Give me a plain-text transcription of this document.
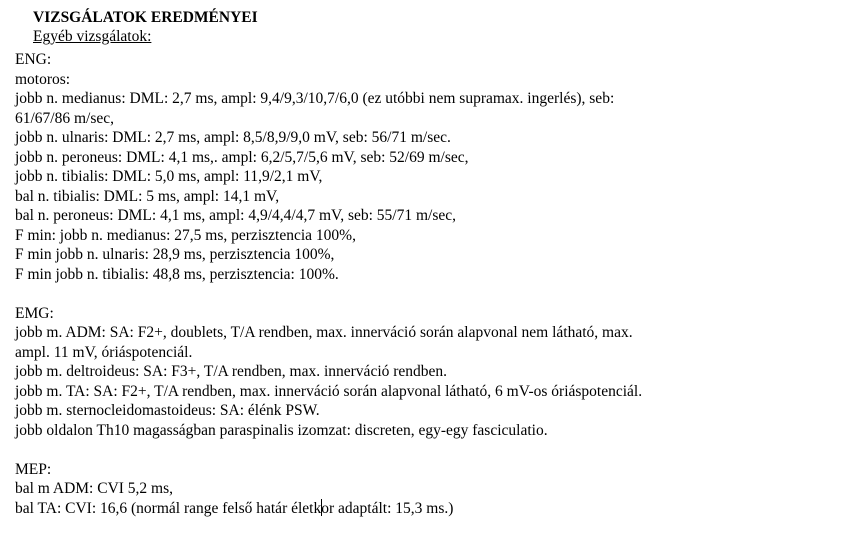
VIZSGÁLATOK EREDMÉNYEI
Egyéb vizsgálatok:
ENG:
motoros:
jobb n. medianus: DML: 2,7 ms, ampl: 9,4/9,3/10,7/6,0 (ez utóbbi nem supramax. ingerlés), seb:
61/67/86 m/sec,
jobb n. ulnaris: DML: 2,7 ms, ampl: 8,5/8,9/9,0 mV, seb: 56/71 m/sec.
jobb n. peroneus: DML: 4,1 ms,. ampl: 6,2/5,7/5,6 mV, seb: 52/69 m/sec,
jobb n. tibialis: DML: 5,0 ms, ampl: 11,9/2,1 mV,
bal n. tibialis: DML: 5 ms, ampl: 14,1 mV,
bal n. peroneus: DML: 4,1 ms, ampl: 4,9/4,4/4,7 mV, seb: 55/71 m/sec,
F min: jobb n. medianus: 27,5 ms, perzisztencia 100%,
F min jobb n. ulnaris: 28,9 ms, perzisztencia 100%,
F min jobb n. tibialis: 48,8 ms, perzisztencia: 100%.
EMG:
jobb m. ADM: SA: F2+, doublets, T/A rendben, max. innerváció során alapvonal nem látható, max.
ampl. 11 mV, óriáspotenciál.
jobb m. deltroideus: SA: F3+, T/A rendben, max. innerváció rendben.
jobb m. TA: SA: F2+, T/A rendben, max. innerváció során alapvonal látható, 6 mV-os óriáspotenciál.
jobb m. sternocleidomastoideus: SA: élénk PSW.
jobb oldalon Th10 magasságban paraspinalis izomzat: discreten, egy-egy fasciculatio.
MEP:
bal m ADM: CVI 5,2 ms,
bal TA: CVI: 16,6 (normál range felső határ életkor adaptált: 15,3 ms.)
